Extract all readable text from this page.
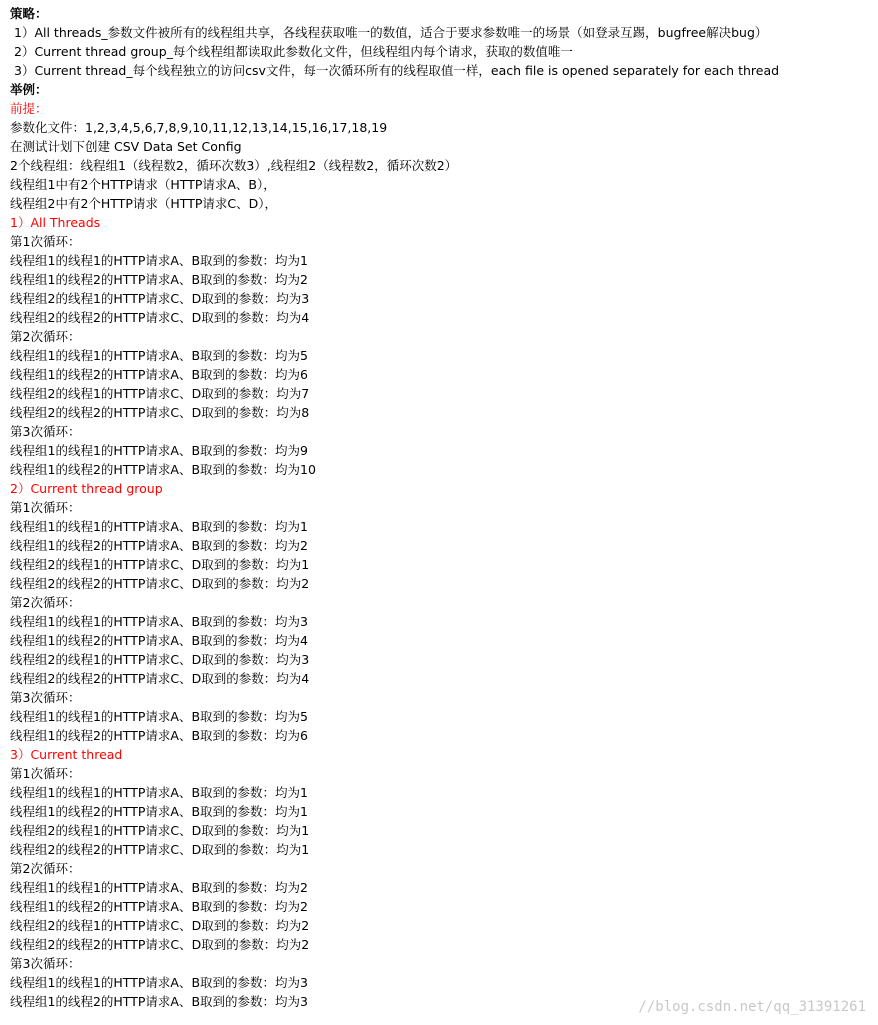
策略：
1）All threads_参数文件被所有的线程组共享，各线程获取唯一的数值，适合于要求参数唯一的场景（如登录互踢，bugfree解决bug）
2）Current thread group_每个线程组都读取此参数化文件，但线程组内每个请求，获取的数值唯一
3）Current thread_每个线程独立的访问csv文件，每一次循环所有的线程取值一样，each file is opened separately for each thread
举例：
前提：
参数化文件：1,2,3,4,5,6,7,8,9,10,11,12,13,14,15,16,17,18,19
在测试计划下创建 CSV Data Set Config
2个线程组：线程组1（线程数2，循环次数3）,线程组2（线程数2，循环次数2）
线程组1中有2个HTTP请求（HTTP请求A、B），
线程组2中有2个HTTP请求（HTTP请求C、D），
1）All Threads
第1次循环：
线程组1的线程1的HTTP请求A、B取到的参数：均为1
线程组1的线程2的HTTP请求A、B取到的参数：均为2
线程组2的线程1的HTTP请求C、D取到的参数：均为3
线程组2的线程2的HTTP请求C、D取到的参数：均为4
第2次循环：
线程组1的线程1的HTTP请求A、B取到的参数：均为5
线程组1的线程2的HTTP请求A、B取到的参数：均为6
线程组2的线程1的HTTP请求C、D取到的参数：均为7
线程组2的线程2的HTTP请求C、D取到的参数：均为8
第3次循环：
线程组1的线程1的HTTP请求A、B取到的参数：均为9
线程组1的线程2的HTTP请求A、B取到的参数：均为10
2）Current thread group
第1次循环：
线程组1的线程1的HTTP请求A、B取到的参数：均为1
线程组1的线程2的HTTP请求A、B取到的参数：均为2
线程组2的线程1的HTTP请求C、D取到的参数：均为1
线程组2的线程2的HTTP请求C、D取到的参数：均为2
第2次循环：
线程组1的线程1的HTTP请求A、B取到的参数：均为3
线程组1的线程2的HTTP请求A、B取到的参数：均为4
线程组2的线程1的HTTP请求C、D取到的参数：均为3
线程组2的线程2的HTTP请求C、D取到的参数：均为4
第3次循环：
线程组1的线程1的HTTP请求A、B取到的参数：均为5
线程组1的线程2的HTTP请求A、B取到的参数：均为6
3）Current thread
第1次循环：
线程组1的线程1的HTTP请求A、B取到的参数：均为1
线程组1的线程2的HTTP请求A、B取到的参数：均为1
线程组2的线程1的HTTP请求C、D取到的参数：均为1
线程组2的线程2的HTTP请求C、D取到的参数：均为1
第2次循环：
线程组1的线程1的HTTP请求A、B取到的参数：均为2
线程组1的线程2的HTTP请求A、B取到的参数：均为2
线程组2的线程1的HTTP请求C、D取到的参数：均为2
线程组2的线程2的HTTP请求C、D取到的参数：均为2
第3次循环：
线程组1的线程1的HTTP请求A、B取到的参数：均为3
线程组1的线程2的HTTP请求A、B取到的参数：均为3	//blog.csdn.net/qq_31391261
